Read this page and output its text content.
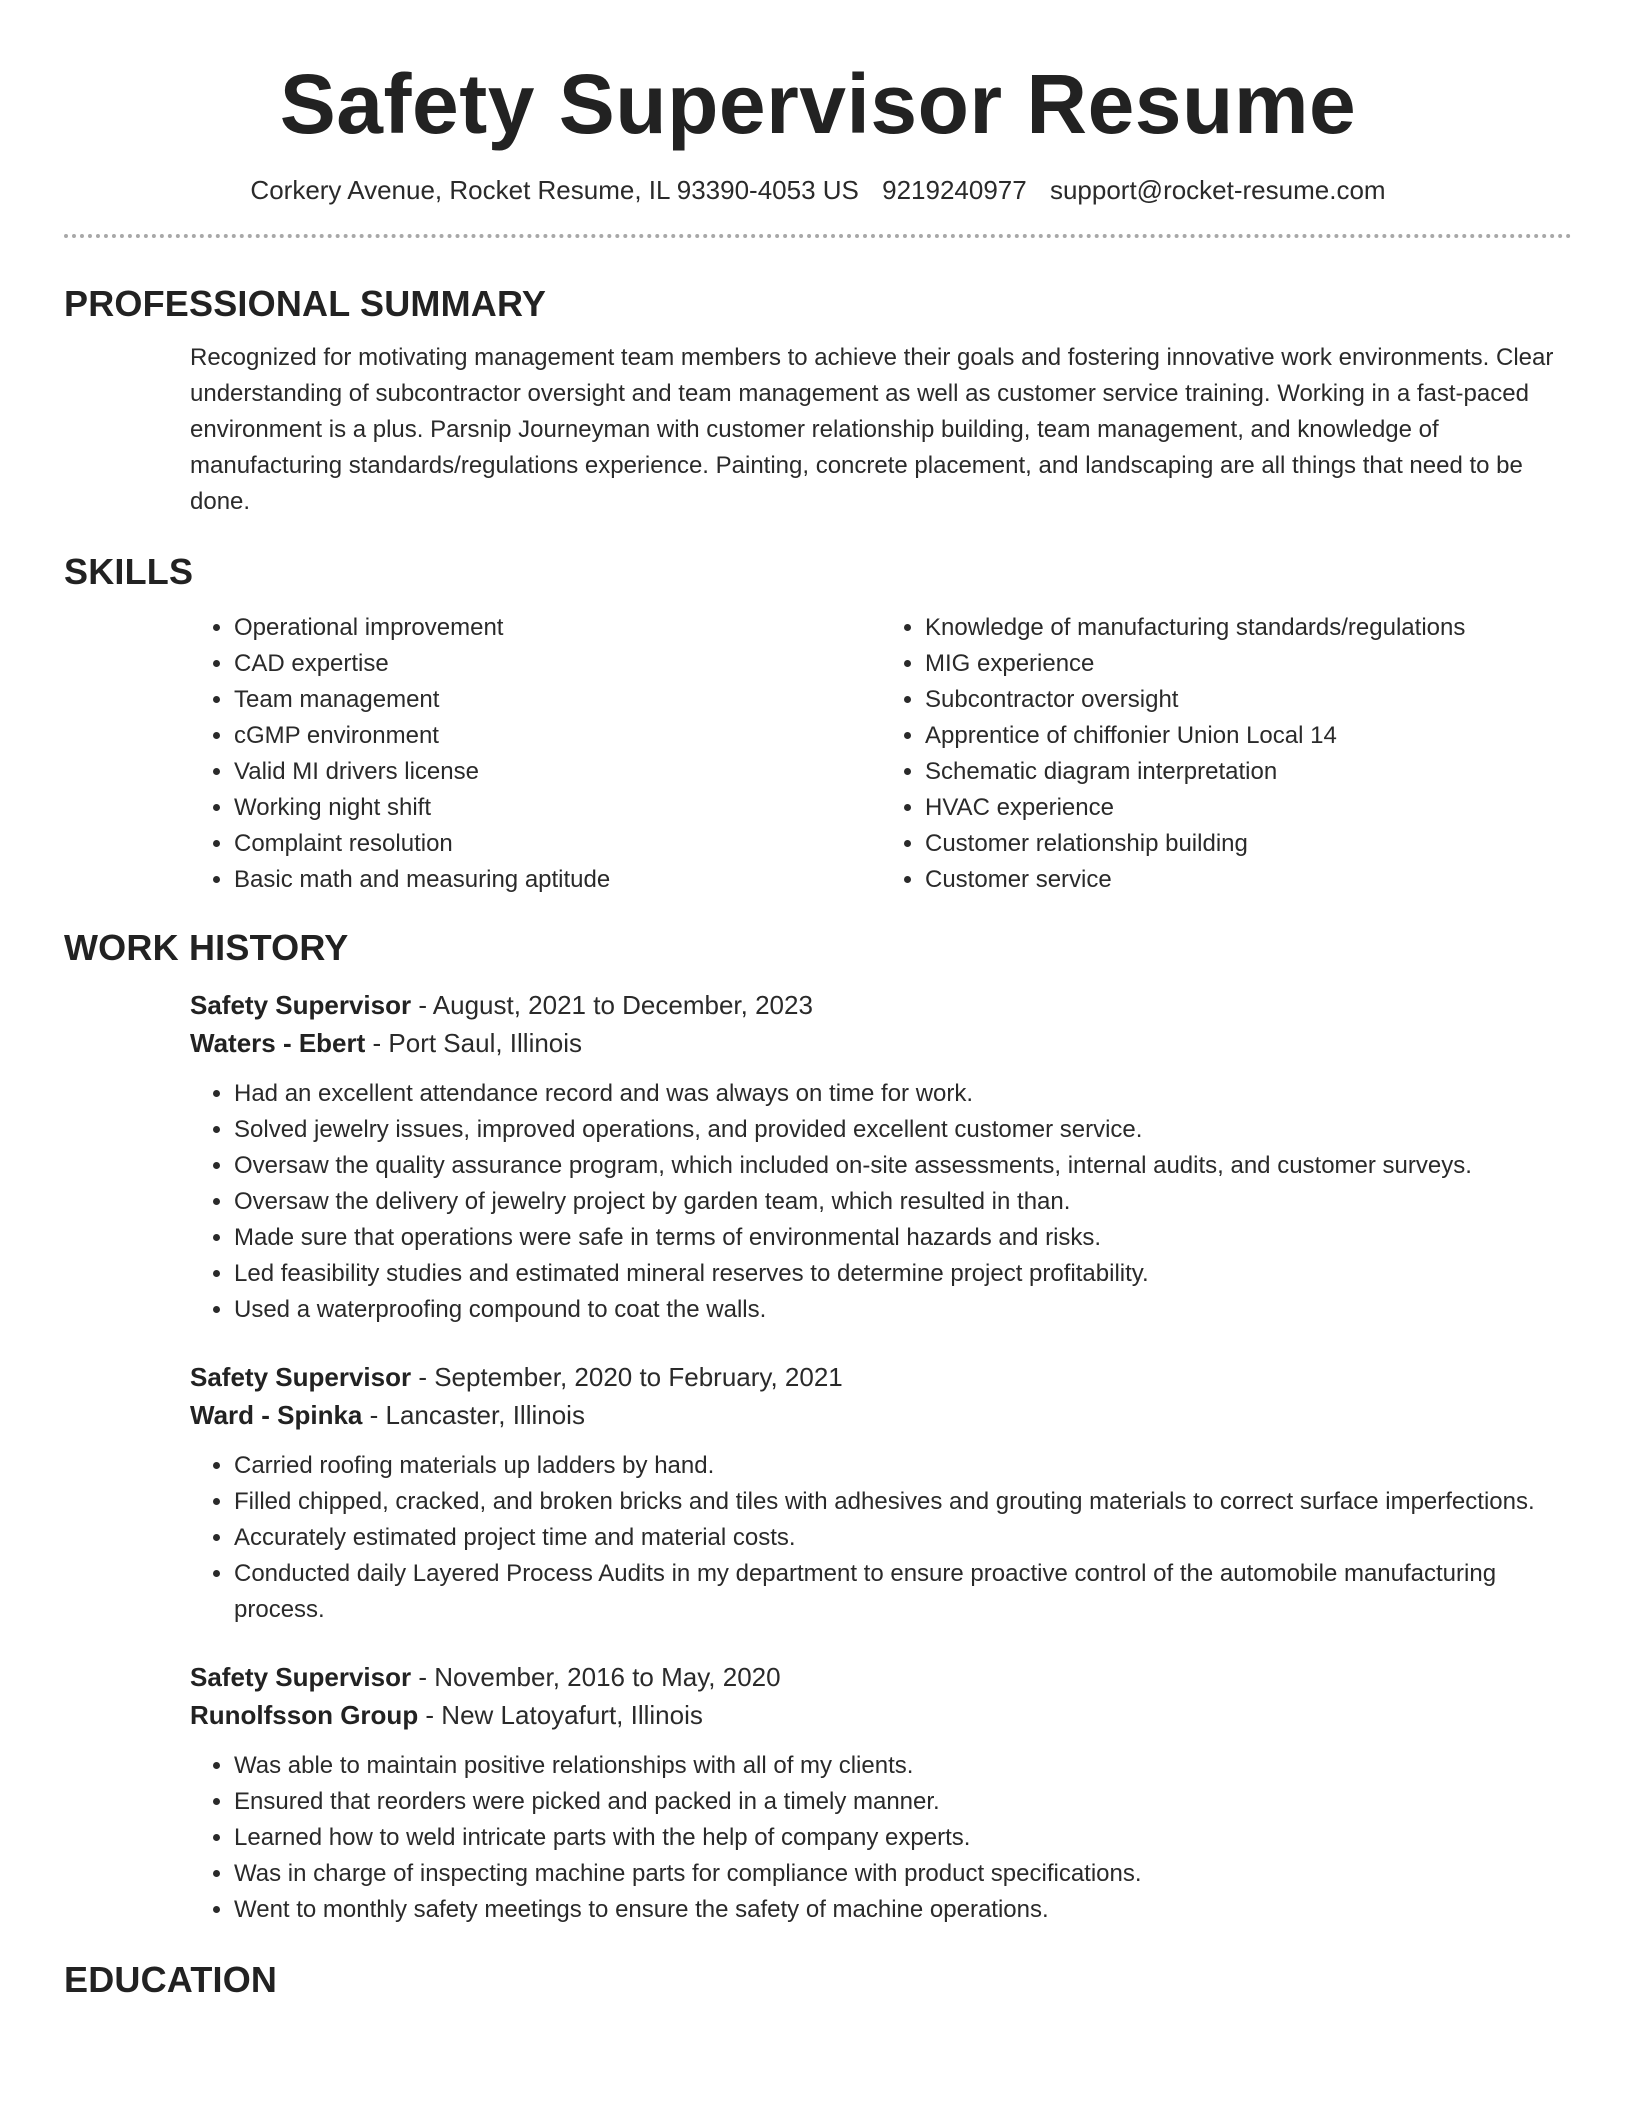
Safety Supervisor Resume
Corkery Avenue, Rocket Resume, IL 93390-4053 US 9219240977 support@rocket-resume.com
PROFESSIONAL SUMMARY

Recognized for motivating management team members to achieve their goals and fostering innovative work environments. Clear understanding of subcontractor oversight and team management as well as customer service training. Working in a fast-paced environment is a plus. Parsnip Journeyman with customer relationship building, team management, and knowledge of manufacturing standards/regulations experience. Painting, concrete placement, and landscaping are all things that need to be done.

SKILLS
• Operational improvement
• CAD expertise
• Team management
• cGMP environment
• Valid MI drivers license
• Working night shift
• Complaint resolution
• Basic math and measuring aptitude
• Knowledge of manufacturing standards/regulations
• MIG experience
• Subcontractor oversight
• Apprentice of chiffonier Union Local 14
• Schematic diagram interpretation
• HVAC experience
• Customer relationship building
• Customer service
WORK HISTORY
Safety Supervisor - August, 2021 to December, 2023
Waters - Ebert - Port Saul, Illinois
• Had an excellent attendance record and was always on time for work.
• Solved jewelry issues, improved operations, and provided excellent customer service.
• Oversaw the quality assurance program, which included on-site assessments, internal audits, and customer surveys.
• Oversaw the delivery of jewelry project by garden team, which resulted in than.
• Made sure that operations were safe in terms of environmental hazards and risks.
• Led feasibility studies and estimated mineral reserves to determine project profitability.
• Used a waterproofing compound to coat the walls.
Safety Supervisor - September, 2020 to February, 2021
Ward - Spinka - Lancaster, Illinois
• Carried roofing materials up ladders by hand.
• Filled chipped, cracked, and broken bricks and tiles with adhesives and grouting materials to correct surface imperfections.
• Accurately estimated project time and material costs.
• Conducted daily Layered Process Audits in my department to ensure proactive control of the automobile manufacturing process.
Safety Supervisor - November, 2016 to May, 2020
Runolfsson Group - New Latoyafurt, Illinois
• Was able to maintain positive relationships with all of my clients.
• Ensured that reorders were picked and packed in a timely manner.
• Learned how to weld intricate parts with the help of company experts.
• Was in charge of inspecting machine parts for compliance with product specifications.
• Went to monthly safety meetings to ensure the safety of machine operations.
EDUCATION
